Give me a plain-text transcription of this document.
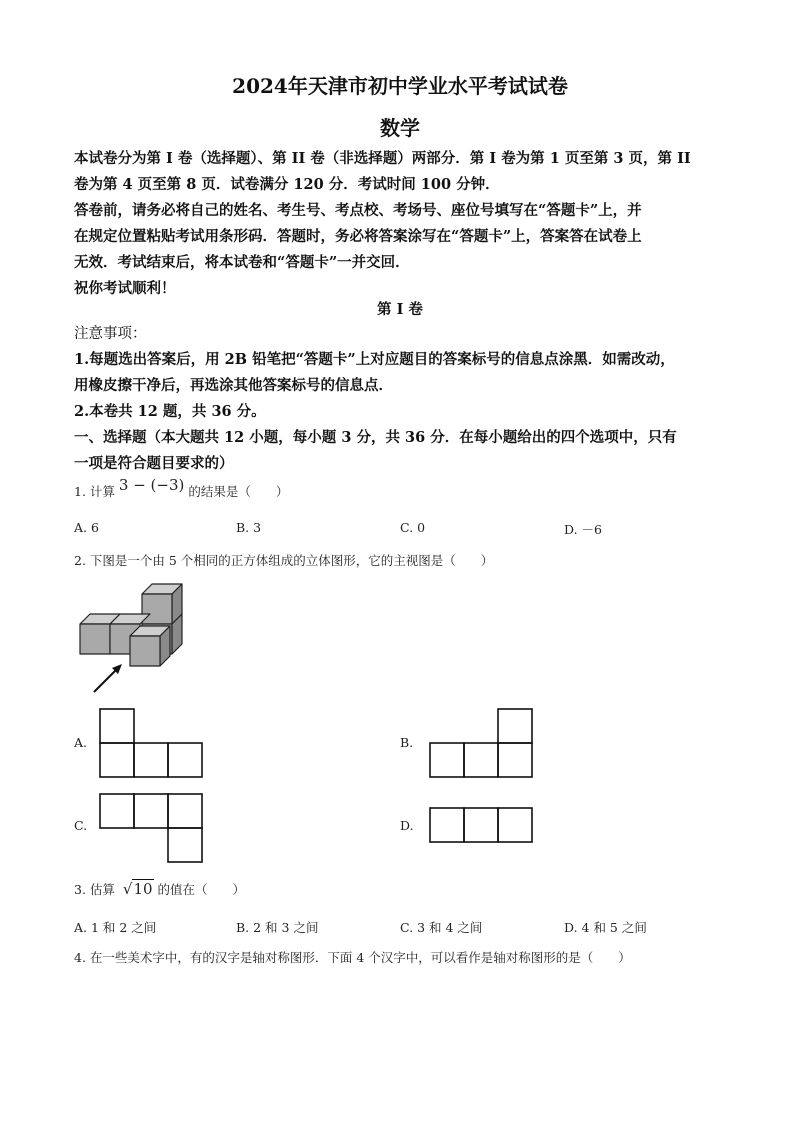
2024年天津市初中学业水平考试试卷
数学
本试卷分为第 I 卷（选择题）、第 II 卷（非选择题）两部分．第 I 卷为第 1 页至第 3 页，第 II
卷为第 4 页至第 8 页．试卷满分 120 分．考试时间 100 分钟．
答卷前，请务必将自己的姓名、考生号、考点校、考场号、座位号填写在“答题卡”上，并
在规定位置粘贴考试用条形码．答题时，务必将答案涂写在“答题卡”上，答案答在试卷上
无效．考试结束后，将本试卷和“答题卡”一并交回．
祝你考试顺利！
第 I 卷
注意事项：
1.每题选出答案后，用 2B 铅笔把“答题卡”上对应题目的答案标号的信息点涂黑．如需改动，
用橡皮擦干净后，再选涂其他答案标号的信息点．
2.本卷共 12 题，共 36 分。
一、选择题（本大题共 12 小题，每小题 3 分，共 36 分．在每小题给出的四个选项中，只有
一项是符合题目要求的）
1. 计算 3 − (−3) 的结果是（　　）
A. 6	B. 3	C. 0	D. －6
2. 下图是一个由 5 个相同的正方体组成的立体图形，它的主视图是（　　）
A.	B.
C.	D.
3. 估算 √10 的值在（　　）
A. 1 和 2 之间	B. 2 和 3 之间	C. 3 和 4 之间	D. 4 和 5 之间
4. 在一些美术字中，有的汉字是轴对称图形．下面 4 个汉字中，可以看作是轴对称图形的是（　　）
